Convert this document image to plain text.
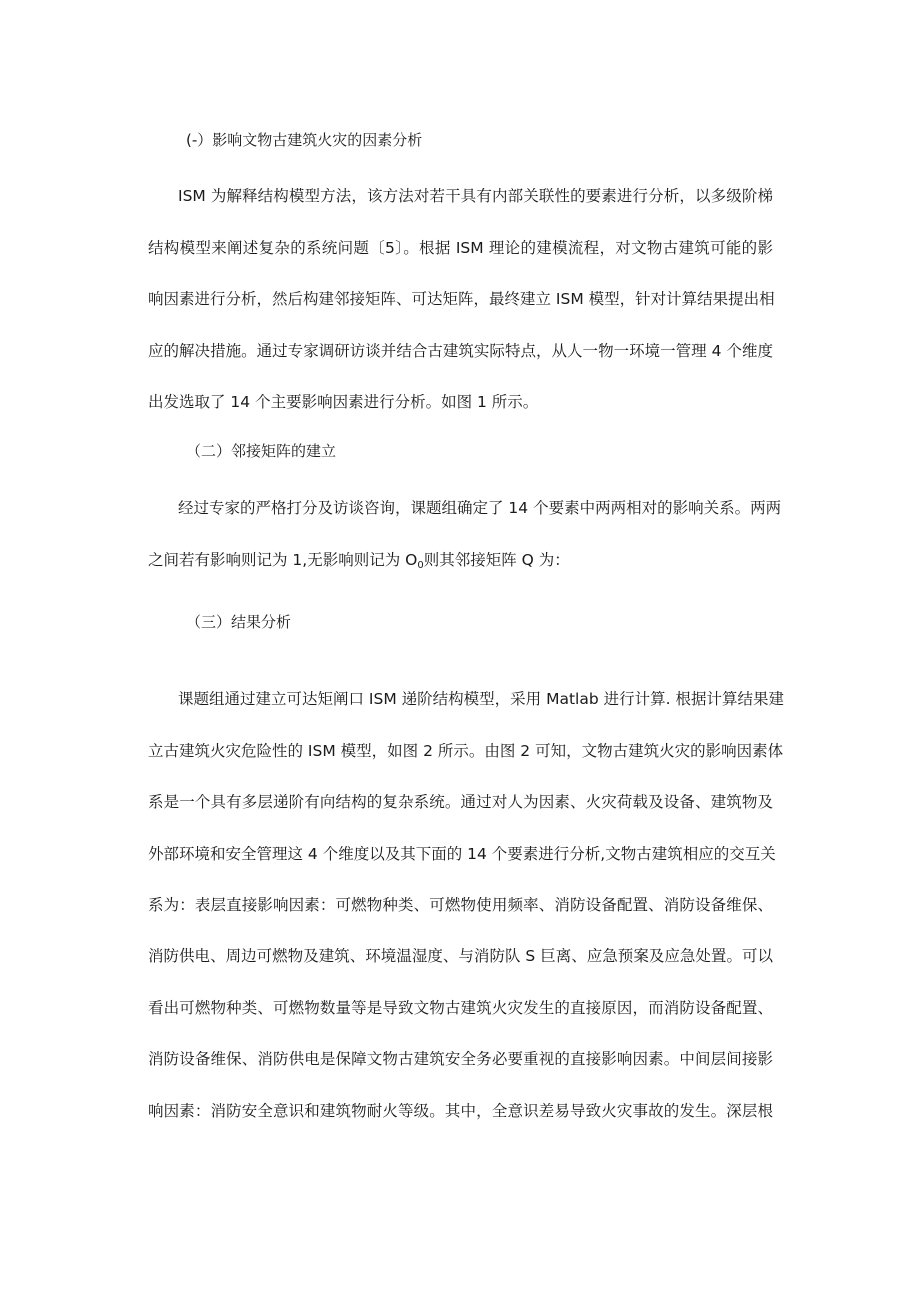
(-）影响文物古建筑火灾的因素分析
ISM 为解释结构模型方法，该方法对若干具有内部关联性的要素进行分析，以多级阶梯
结构模型来阐述复杂的系统问题〔5〕。根据 ISM 理论的建模流程，对文物古建筑可能的影
响因素进行分析，然后构建邻接矩阵、可达矩阵，最终建立 ISM 模型，针对计算结果提出相
应的解决措施。通过专家调研访谈并结合古建筑实际特点，从人一物一环境一管理 4 个维度
出发选取了 14 个主要影响因素进行分析。如图 1 所示。
（二）邻接矩阵的建立
经过专家的严格打分及访谈咨询，课题组确定了 14 个要素中两两相对的影响关系。两两
之间若有影响则记为 1,无影响则记为 $O_0$则其邻接矩阵 Q 为：
（三）结果分析
课题组通过建立可达矩阐口 ISM 递阶结构模型，采用 Matlab 进行计算. 根据计算结果建
立古建筑火灾危险性的 ISM 模型，如图 2 所示。由图 2 可知，文物古建筑火灾的影响因素体
系是一个具有多层递阶有向结构的复杂系统。通过对人为因素、火灾荷载及设备、建筑物及
外部环境和安全管理这 4 个维度以及其下面的 14 个要素进行分析,文物古建筑相应的交互关
系为：表层直接影响因素：可燃物种类、可燃物使用频率、消防设备配置、消防设备维保、
消防供电、周边可燃物及建筑、环境温湿度、与消防队 S 巨离、应急预案及应急处置。可以
看出可燃物种类、可燃物数量等是导致文物古建筑火灾发生的直接原因，而消防设备配置、
消防设备维保、消防供电是保障文物古建筑安全务必要重视的直接影响因素。中间层间接影
响因素：消防安全意识和建筑物耐火等级。其中，全意识差易导致火灾事故的发生。深层根
